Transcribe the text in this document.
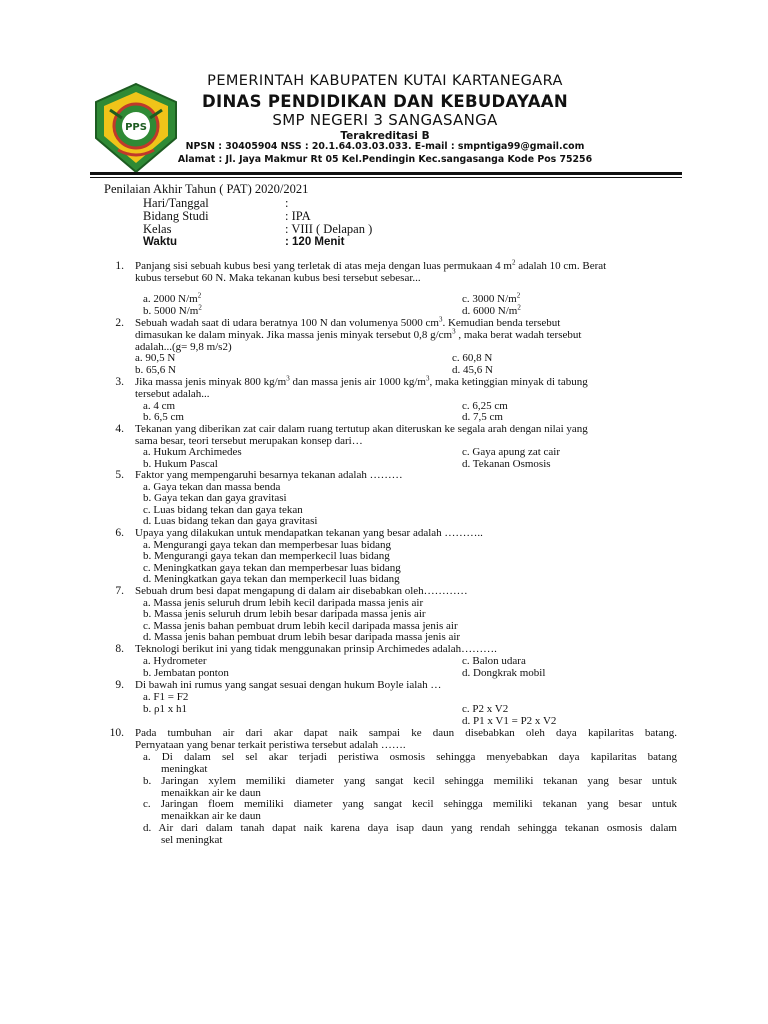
PPS
PEMERINTAH KABUPATEN KUTAI KARTANEGARA
DINAS PENDIDIKAN DAN KEBUDAYAAN
SMP NEGERI 3 SANGASANGA
Terakreditasi B
NPSN : 30405904 NSS : 20.1.64.03.03.033. E-mail : smpntiga99@gmail.com
Alamat : Jl. Jaya Makmur Rt 05 Kel.Pendingin Kec.sangasanga Kode Pos 75256
Penilaian Akhir Tahun ( PAT) 2020/2021
Hari/Tanggal	:
Bidang Studi	: IPA
Kelas	: VIII ( Delapan )
Waktu	: 120 Menit
1. Panjang sisi sebuah kubus besi yang terletak di atas meja dengan luas permukaan 4 $m^2$ adalah 10 cm. Berat
kubus tersebut 60 N. Maka tekanan kubus besi tersebut sebesar...
a. 2000 $N/m^2$	c. 3000 $N/m^2$
b. 5000 $N/m^2$	d. 6000 $N/m^2$
2. Sebuah wadah saat di udara beratnya 100 N dan volumenya 5000 $cm^3$. Kemudian benda tersebut
dimasukan ke dalam minyak. Jika massa jenis minyak tersebut 0,8 $g/cm^3$ , maka berat wadah tersebut
adalah...(g= 9,8 m/s2)
a. 90,5 N	c. 60,8 N
b. 65,6 N	d. 45,6 N
3. Jika massa jenis minyak 800 $kg/m^3$ dan massa jenis air 1000 $kg/m^3$, maka ketinggian minyak di tabung
tersebut adalah...
a. 4 cm	c. 6,25 cm
b. 6,5 cm	d. 7,5 cm
4. Tekanan yang diberikan zat cair dalam ruang tertutup akan diteruskan ke segala arah dengan nilai yang
sama besar, teori tersebut merupakan konsep dari…
a. Hukum Archimedes	c. Gaya apung zat cair
b. Hukum Pascal	d. Tekanan Osmosis
5. Faktor yang mempengaruhi besarnya tekanan adalah ………
a. Gaya tekan dan massa benda
b. Gaya tekan dan gaya gravitasi
c. Luas bidang tekan dan gaya tekan
d. Luas bidang tekan dan gaya gravitasi
6. Upaya yang dilakukan untuk mendapatkan tekanan yang besar adalah ………..
a. Mengurangi gaya tekan dan memperbesar luas bidang
b. Mengurangi gaya tekan dan memperkecil luas bidang
c. Meningkatkan gaya tekan dan memperbesar luas bidang
d. Meningkatkan gaya tekan dan memperkecil luas bidang
7. Sebuah drum besi dapat mengapung di dalam air disebabkan oleh…………
a. Massa jenis seluruh drum lebih kecil daripada massa jenis air
b. Massa jenis seluruh drum lebih besar daripada massa jenis air
c. Massa jenis bahan pembuat drum lebih kecil daripada massa jenis air
d. Massa jenis bahan pembuat drum lebih besar daripada massa jenis air
8. Teknologi berikut ini yang tidak menggunakan prinsip Archimedes adalah……….
a. Hydrometer	c. Balon udara
b. Jembatan ponton	d. Dongkrak mobil
9. Di bawah ini rumus yang sangat sesuai dengan hukum Boyle ialah …
a. F1 = F2
b. ρ1 x h1	c. P2 x V2
d. P1 x V1 = P2 x V2
10. Pada tumbuhan air dari akar dapat naik sampai ke daun disebabkan oleh daya kapilaritas batang.
Pernyataan yang benar terkait peristiwa tersebut adalah …….
a. Di dalam sel sel akar terjadi peristiwa osmosis sehingga menyebabkan daya kapilaritas batang
meningkat
b. Jaringan xylem memiliki diameter yang sangat kecil sehingga memiliki tekanan yang besar untuk
menaikkan air ke daun
c. Jaringan floem memiliki diameter yang sangat kecil sehingga memiliki tekanan yang besar untuk
menaikkan air ke daun
d. Air dari dalam tanah dapat naik karena daya isap daun yang rendah sehingga tekanan osmosis dalam
sel meningkat
